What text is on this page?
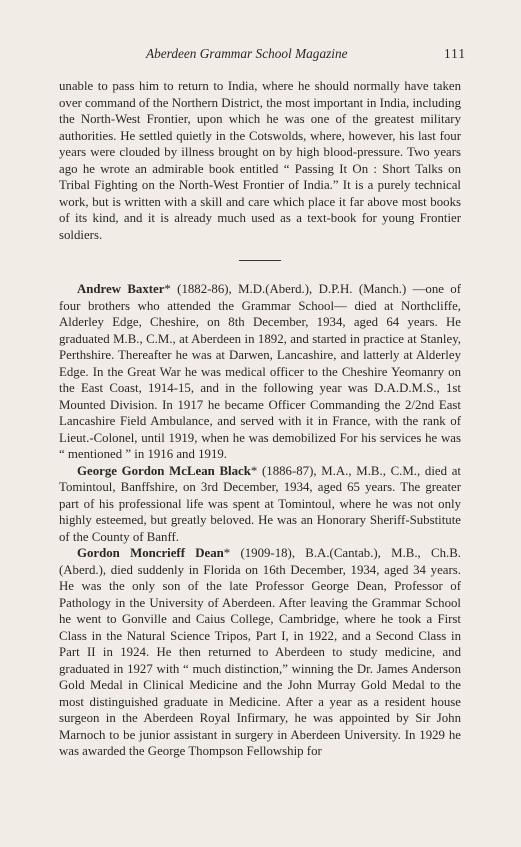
Aberdeen Grammar School Magazine	111

unable to pass him to return to India, where he should normally have taken over command of the Northern District, the most important in India, including the North-West Frontier, upon which he was one of the greatest military authorities. He settled quietly in the Cotswolds, where, however, his last four years were clouded by illness brought on by high blood-pressure. Two years ago he wrote an admirable book entitled “ Passing It On : Short Talks on Tribal Fighting on the North-West Frontier of India.” It is a purely technical work, but is written with a skill and care which place it far above most books of its kind, and it is already much used as a text-book for young Frontier soldiers.

Andrew Baxter* (1882-86), M.D.(Aberd.), D.P.H. (Manch.) —one of four brothers who attended the Grammar School— died at Northcliffe, Alderley Edge, Cheshire, on 8th December, 1934, aged 64 years. He graduated M.B., C.M., at Aberdeen in 1892, and started in practice at Stanley, Perthshire. Thereafter he was at Darwen, Lancashire, and latterly at Alderley Edge. In the Great War he was medical officer to the Cheshire Yeomanry on the East Coast, 1914-15, and in the following year was D.A.D.M.S., 1st Mounted Division. In 1917 he became Officer Commanding the 2/2nd East Lancashire Field Ambulance, and served with it in France, with the rank of Lieut.-Colonel, until 1919, when he was demobilized For his services he was “ mentioned ” in 1916 and 1919.

George Gordon McLean Black* (1886-87), M.A., M.B., C.M., died at Tomintoul, Banffshire, on 3rd December, 1934, aged 65 years. The greater part of his professional life was spent at Tomintoul, where he was not only highly esteemed, but greatly beloved. He was an Honorary Sheriff-Substitute of the County of Banff.

Gordon Moncrieff Dean* (1909-18), B.A.(Cantab.), M.B., Ch.B.(Aberd.), died suddenly in Florida on 16th December, 1934, aged 34 years. He was the only son of the late Professor George Dean, Professor of Pathology in the University of Aberdeen. After leaving the Grammar School he went to Gonville and Caius College, Cambridge, where he took a First Class in the Natural Science Tripos, Part I, in 1922, and a Second Class in Part II in 1924. He then returned to Aberdeen to study medicine, and graduated in 1927 with “ much distinction,” winning the Dr. James Anderson Gold Medal in Clinical Medicine and the John Murray Gold Medal to the most distinguished graduate in Medicine. After a year as a resident house surgeon in the Aberdeen Royal Infirmary, he was appointed by Sir John Marnoch to be junior assistant in surgery in Aberdeen University. In 1929 he was awarded the George Thompson Fellowship for
